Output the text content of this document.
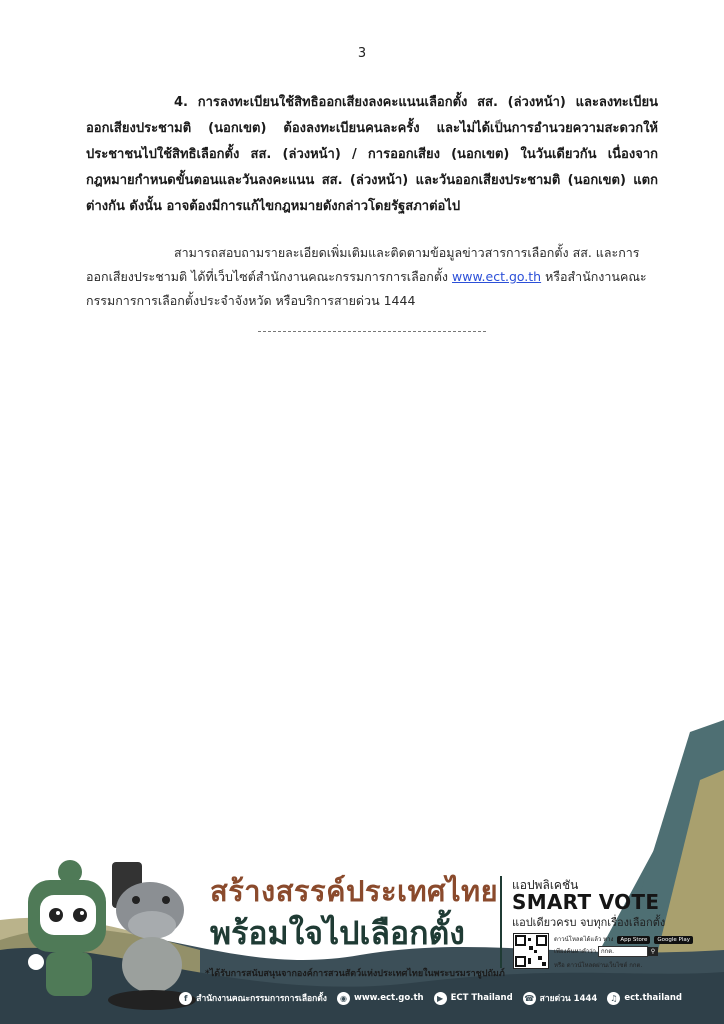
3

4. การลงทะเบียนใช้สิทธิออกเสียงลงคะแนนเลือกตั้ง สส. (ล่วงหน้า) และลงทะเบียนออกเสียงประชามติ (นอกเขต) ต้องลงทะเบียนคนละครั้ง และไม่ได้เป็นการอำนวยความสะดวกให้ประชาชนไปใช้สิทธิเลือกตั้ง สส. (ล่วงหน้า) / การออกเสียง (นอกเขต) ในวันเดียวกัน เนื่องจากกฎหมายกำหนดขั้นตอนและวันลงคะแนน สส. (ล่วงหน้า) และวันออกเสียงประชามติ (นอกเขต) แตกต่างกัน ดังนั้น อาจต้องมีการแก้ไขกฎหมายดังกล่าวโดยรัฐสภาต่อไป

สามารถสอบถามรายละเอียดเพิ่มเติมและติดตามข้อมูลข่าวสารการเลือกตั้ง สส. และการออกเสียงประชามติ ได้ที่เว็บไซต์สำนักงานคณะกรรมการการเลือกตั้ง www.ect.go.th หรือสำนักงานคณะกรรมการการเลือกตั้งประจำจังหวัด หรือบริการสายด่วน 1444

สร้างสรรค์ประเทศไทย
พร้อมใจไปเลือกตั้ง
*ได้รับการสนับสนุนจากองค์การสวนสัตว์แห่งประเทศไทยในพระบรมราชูปถัมภ์
แอปพลิเคชัน
SMART VOTE
แอปเดียวครบ จบทุกเรื่องเลือกตั้ง
ดาวน์โหลดได้แล้ว ทาง App Store Google Play
เพียงค้นหาคำว่า กกต.	⚲
หรือ ดาวน์โหลดผ่านเว็บไซต์ กกต.
f	สำนักงานคณะกรรมการการเลือกตั้ง	◉ www.ect.go.th	▶ ECT Thailand ☎ สายด่วน 1444	♫ ect.thailand
